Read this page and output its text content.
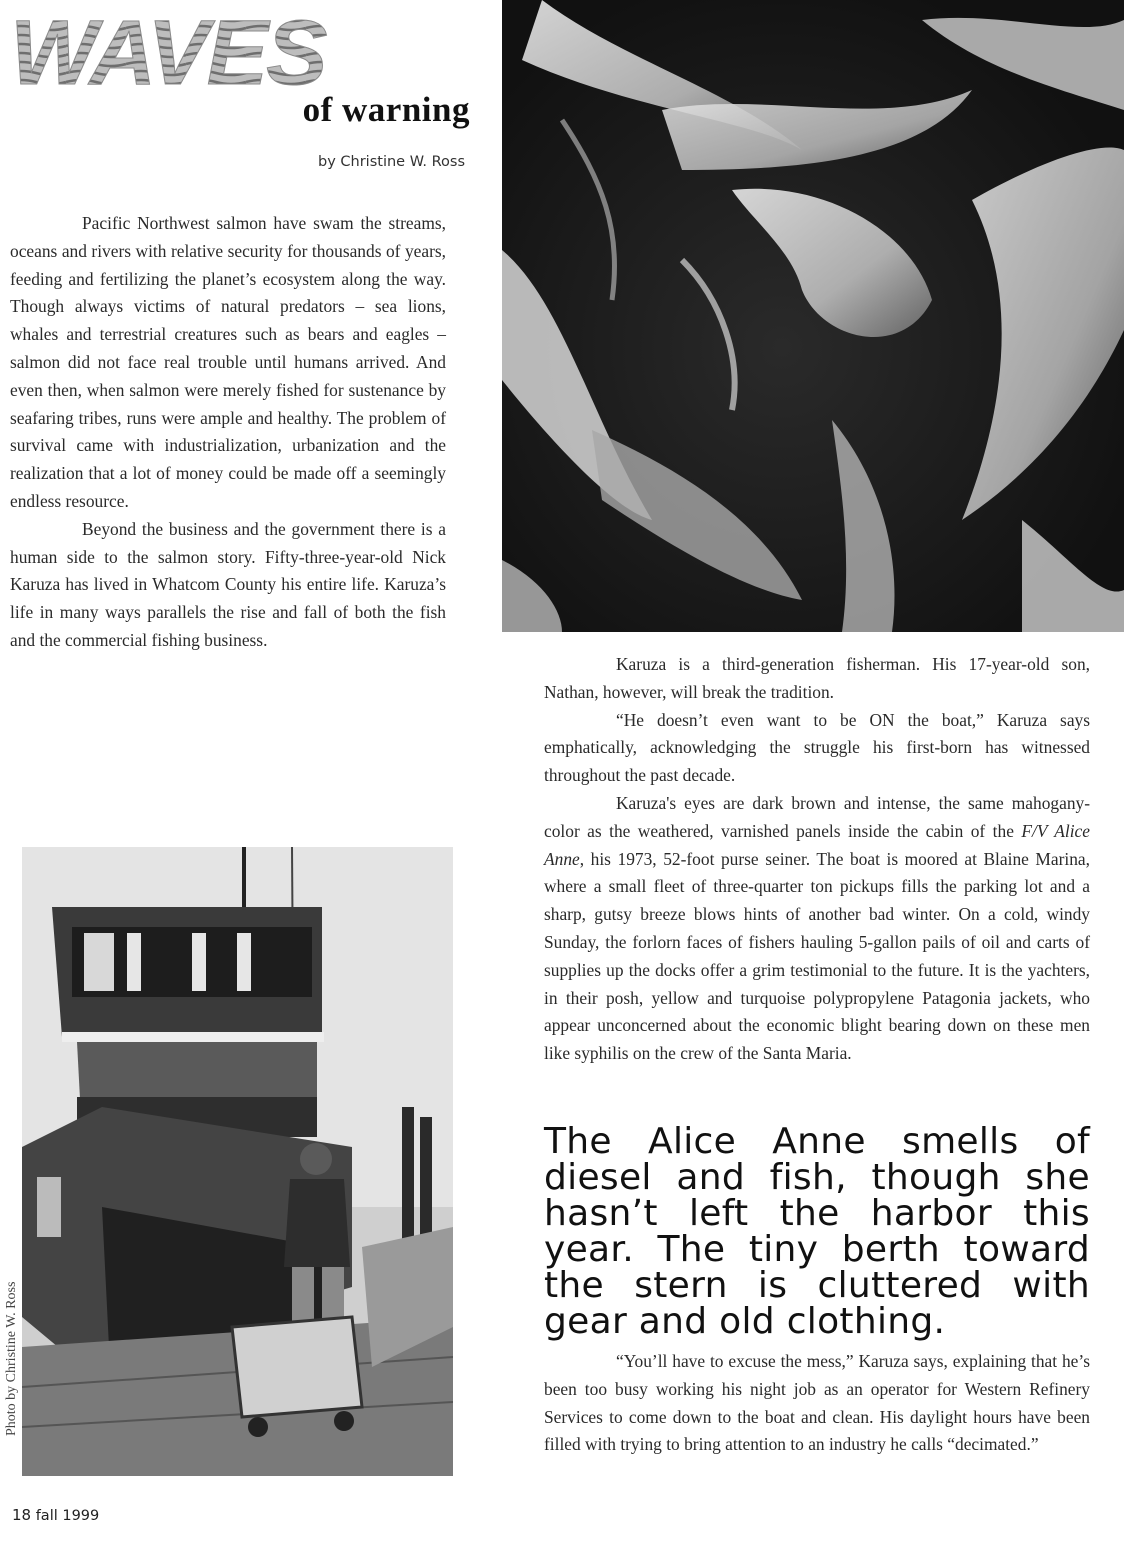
WAVES
of warning
by Christine W. Ross

Pacific Northwest salmon have swam the streams, oceans and rivers with relative security for thousands of years, feeding and fertilizing the planet’s ecosystem along the way. Though always victims of natural predators – sea lions, whales and terrestrial creatures such as bears and eagles – salmon did not face real trouble until humans arrived. And even then, when salmon were merely fished for sustenance by seafaring tribes, runs were ample and healthy. The problem of survival came with industrialization, urbanization and the realization that a lot of money could be made off a seemingly endless resource.

Beyond the business and the government there is a human side to the salmon story. Fifty-three-year-old Nick Karuza has lived in Whatcom County his entire life. Karuza’s life in many ways parallels the rise and fall of both the fish and the commercial fishing business.

Karuza is a third-generation fisherman. His 17-year-old son, Nathan, however, will break the tradition.

“He doesn’t even want to be ON the boat,” Karuza says emphatically, acknowledging the struggle his first-born has witnessed throughout the past decade.

Karuza's eyes are dark brown and intense, the same mahogany-color as the weathered, varnished panels inside the cabin of the F/V Alice Anne, his 1973, 52-foot purse seiner. The boat is moored at Blaine Marina, where a small fleet of three-quarter ton pickups fills the parking lot and a sharp, gutsy breeze blows hints of another bad winter. On a cold, windy Sunday, the forlorn faces of fishers hauling 5-gallon pails of oil and carts of supplies up the docks offer a grim testimonial to the future. It is the yachters, in their posh, yellow and turquoise polypropylene Patagonia jackets, who appear unconcerned about the economic blight bearing down on these men like syphilis on the crew of the Santa Maria.

The Alice Anne smells of diesel and fish, though she hasn’t left the harbor this year. The tiny berth toward the stern is cluttered with gear and old clothing.

“You’ll have to excuse the mess,” Karuza says, explaining that he’s been too busy working his night job as an operator for Western Refinery Services to come down to the boat and clean. His daylight hours have been filled with trying to bring attention to an industry he calls “decimated.”

Photo by Christine W. Ross
18 fall 1999
